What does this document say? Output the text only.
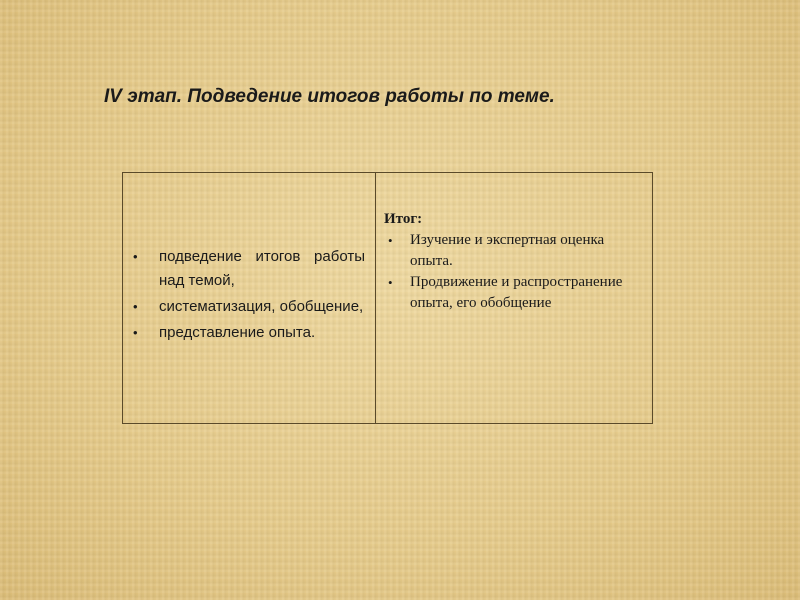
IV этап. Подведение итогов работы по теме.
• подведение итогов работы над темой,
• систематизация, обобщение,
• представление опыта.

Итог:
• Изучение и экспертная оценка опыта.
• Продвижение и распространение опыта, его обобщение
